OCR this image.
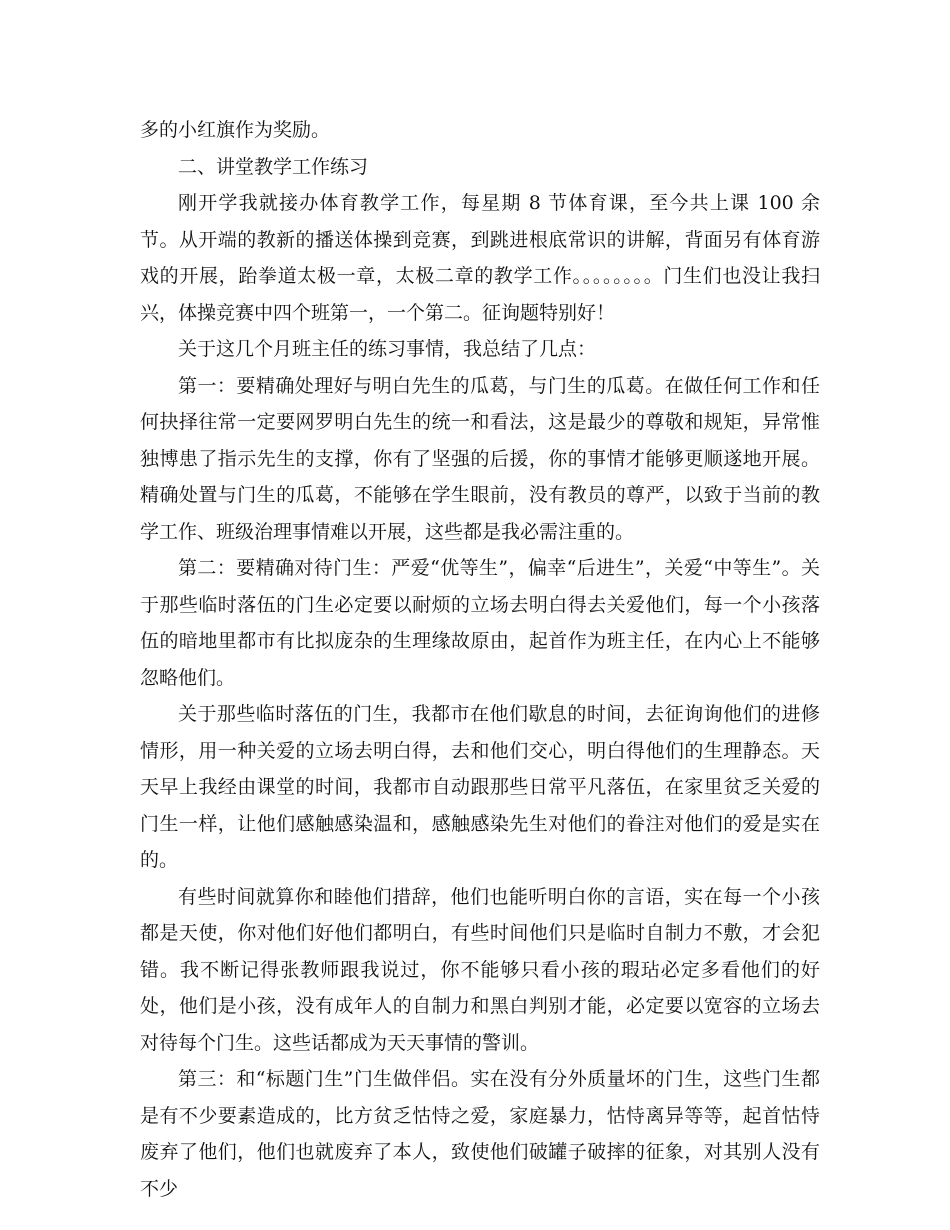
多的小红旗作为奖励。

二、讲堂教学工作练习

刚开学我就接办体育教学工作，每星期 8 节体育课，至今共上课 100 余节。从开端的教新的播送体操到竞赛，到跳进根底常识的讲解，背面另有体育游戏的开展，跆拳道太极一章，太极二章的教学工作。。。。。。。。门生们也没让我扫兴，体操竞赛中四个班第一，一个第二。征询题特别好！

关于这几个月班主任的练习事情，我总结了几点：

第一：要精确处理好与明白先生的瓜葛，与门生的瓜葛。在做任何工作和任何抉择往常一定要网罗明白先生的统一和看法，这是最少的尊敬和规矩，异常惟独博患了指示先生的支撑，你有了坚强的后援，你的事情才能够更顺遂地开展。精确处置与门生的瓜葛，不能够在学生眼前，没有教员的尊严，以致于当前的教学工作、班级治理事情难以开展，这些都是我必需注重的。

第二：要精确对待门生：严爱“优等生”，偏幸“后进生”，关爱“中等生”。关于那些临时落伍的门生必定要以耐烦的立场去明白得去关爱他们，每一个小孩落伍的暗地里都市有比拟庞杂的生理缘故原由，起首作为班主任，在内心上不能够忽略他们。

关于那些临时落伍的门生，我都市在他们歇息的时间，去征询询他们的进修情形，用一种关爱的立场去明白得，去和他们交心，明白得他们的生理静态。天天早上我经由课堂的时间，我都市自动跟那些日常平凡落伍，在家里贫乏关爱的门生一样，让他们感触感染温和，感触感染先生对他们的眷注对他们的爱是实在的。

有些时间就算你和睦他们措辞，他们也能听明白你的言语，实在每一个小孩都是天使，你对他们好他们都明白，有些时间他们只是临时自制力不敷，才会犯错。我不断记得张教师跟我说过，你不能够只看小孩的瑕玷必定多看他们的好处，他们是小孩，没有成年人的自制力和黑白判别才能，必定要以宽容的立场去对待每个门生。这些话都成为天天事情的警训。

第三：和“标题门生”门生做伴侣。实在没有分外质量坏的门生，这些门生都是有不少要素造成的，比方贫乏怙恃之爱，家庭暴力，怙恃离异等等，起首怙恃废弃了他们，他们也就废弃了本人，致使他们破罐子破摔的征象，对其别人没有不少
